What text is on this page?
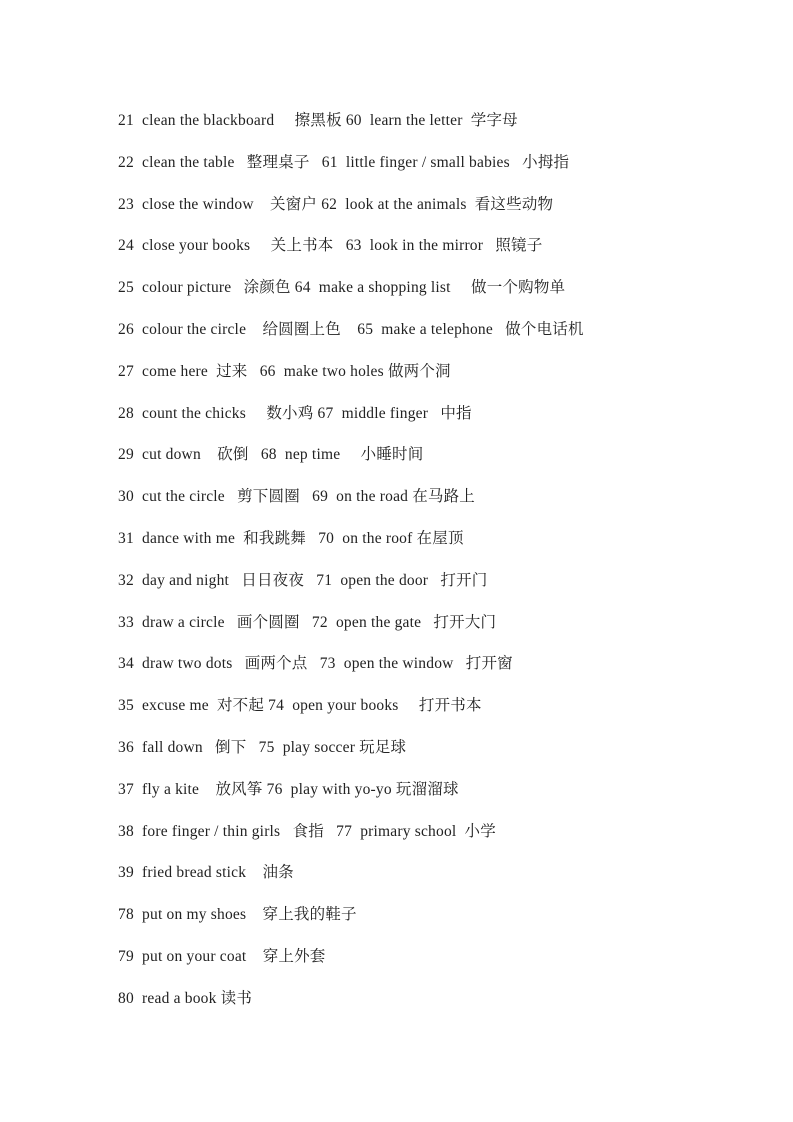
21  clean the blackboard     擦黑板 60  learn the letter  学字母
22  clean the table   整理桌子   61  little finger / small babies   小拇指
23  close the window    关窗户 62  look at the animals  看这些动物
24  close your books     关上书本   63  look in the mirror   照镜子
25  colour picture   涂颜色 64  make a shopping list     做一个购物单
26  colour the circle    给圆圈上色    65  make a telephone   做个电话机
27  come here  过来   66  make two holes 做两个洞
28  count the chicks     数小鸡 67  middle finger   中指
29  cut down    砍倒   68  nep time     小睡时间
30  cut the circle   剪下圆圈   69  on the road 在马路上
31  dance with me  和我跳舞   70  on the roof 在屋顶
32  day and night   日日夜夜   71  open the door   打开门
33  draw a circle   画个圆圈   72  open the gate   打开大门
34  draw two dots   画两个点   73  open the window   打开窗
35  excuse me  对不起 74  open your books     打开书本
36  fall down   倒下   75  play soccer 玩足球
37  fly a kite    放风筝 76  play with yo-yo 玩溜溜球
38  fore finger / thin girls   食指   77  primary school  小学
39  fried bread stick    油条
78  put on my shoes    穿上我的鞋子
79  put on your coat    穿上外套
80  read a book 读书
